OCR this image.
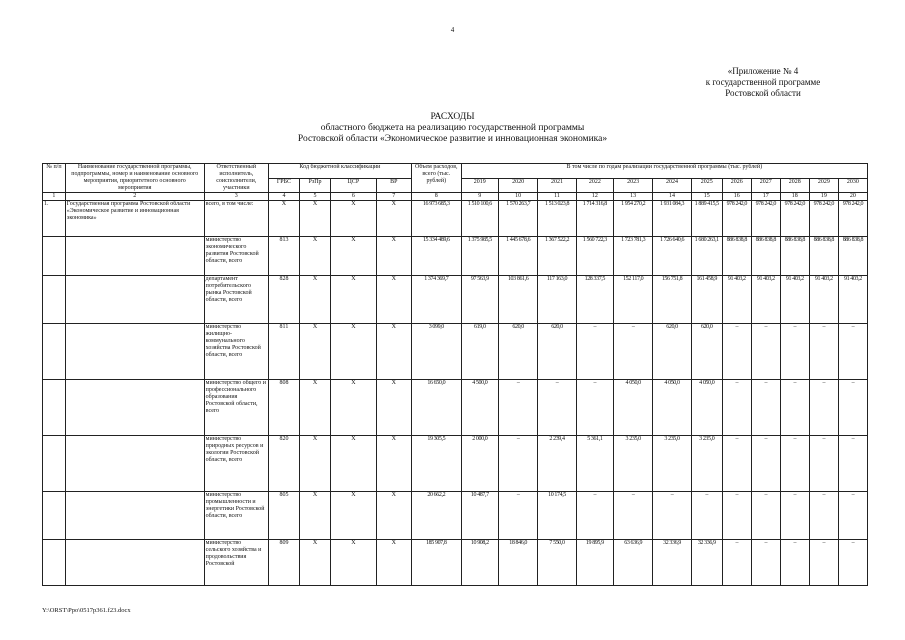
4
«Приложение № 4
к государственной программе
Ростовской области
РАСХОДЫ
областного бюджета на реализацию государственной программы
Ростовской области «Экономическое развитие и инновационная экономика»
№ п/п	Наименование государственной программы, подпрограммы, номер и наименование основного мероприятия, приоритетного основного мероприятия	Ответственный исполнитель, соисполнители, участники	Код бюджетной классификации				Объем расходов, всего (тыс. рублей)	В том числе по годам реализации государственной программы (тыс. рублей)											
			ГРБС	РзПр	ЦСР	ВР		2019	2020	2021	2022	2023	2024	2025	2026	2027	2028	2029	2030
1	2	3	4	5	6	7	8	9	10	11	12	13	14	15	16	17	18	19	20
1.	Государственная программа Ростовской области «Экономическое развитие и инновационная экономика»	всего, в том числе:	X	X	X	X	16 973 685,3	1 510 100,6	1 570 263,7	1 513 023,8	1 714 316,8	1 954 270,2	1 931 084,3	1 889 415,5	978 242,0	978 242,0	978 242,0	978 242,0	978 242,0
		министерство экономического развития Ростовской области, всего	813	X	X	X	15 334 489,6	1 375 985,5	1 445 678,6	1 367 522,2	1 560 722,3	1 723 781,3	1 726 640,6	1 680 263,1	886 838,8	886 838,8	886 838,8	886 838,8	886 838,8
		департамент потребительского рынка Ростовской области, всего	828	X	X	X	1 374 369,7	97 563,9	103 861,6	117 163,0	128 337,5	152 117,0	156 751,8	161 458,9	91 403,2	91 403,2	91 403,2	91 403,2	91 403,2
		министерство жилищно-коммунального хозяйства Ростовской области, всего	811	X	X	X	3 099,0	619,0	620,0	620,0	–	–	620,0	620,0	–	–	–	–	–
		министерство общего и профессионального образования Ростовской области, всего	808	X	X	X	16 650,0	4 500,0	–	–	–	4 050,0	4 050,0	4 050,0	–	–	–	–	–
		министерство природных ресурсов и экологии Ростовской области, всего	820	X	X	X	19 305,5	2 000,0	–	2 239,4	5 361,1	3 235,0	3 235,0	3 235,0	–	–	–	–	–
		министерство промышленности и энергетики Ростовской области, всего	805	X	X	X	20 662,2	10 487,7	–	10 174,5	–	–	–	–	–	–	–	–	–
		министерство сельского хозяйства и продовольствия Ростовской	809	X	X	X	185 907,8	10 908,2	18 846,0	7 550,0	19 895,9	63 636,9	32 336,9	32 336,9	–	–	–	–	–
Y:\ORST\Ppo\0517p361.f23.docx
